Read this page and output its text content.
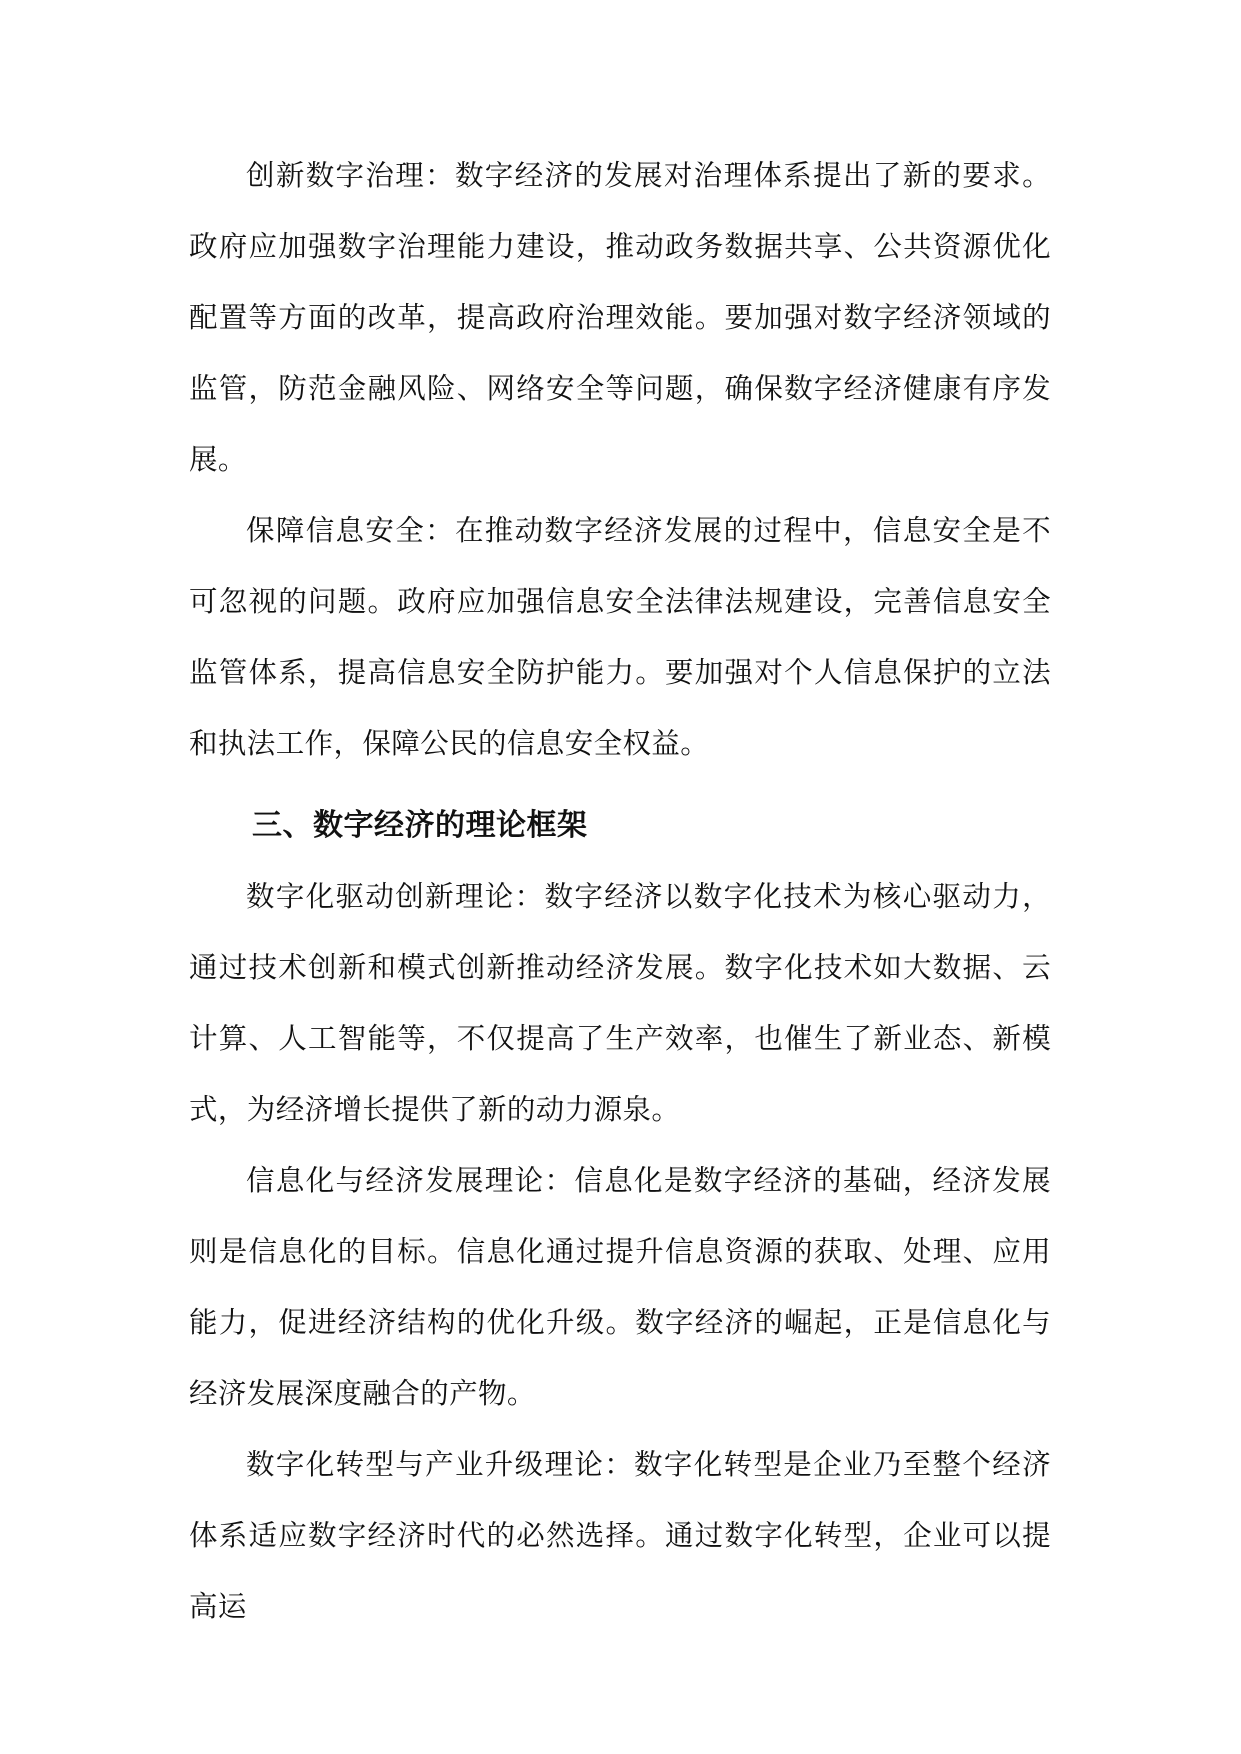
创新数字治理：数字经济的发展对治理体系提出了新的要求。政府应加强数字治理能力建设，推动政务数据共享、公共资源优化配置等方面的改革，提高政府治理效能。要加强对数字经济领域的监管，防范金融风险、网络安全等问题，确保数字经济健康有序发展。

保障信息安全：在推动数字经济发展的过程中，信息安全是不可忽视的问题。政府应加强信息安全法律法规建设，完善信息安全监管体系，提高信息安全防护能力。要加强对个人信息保护的立法和执法工作，保障公民的信息安全权益。

三、数字经济的理论框架

数字化驱动创新理论：数字经济以数字化技术为核心驱动力，通过技术创新和模式创新推动经济发展。数字化技术如大数据、云计算、人工智能等，不仅提高了生产效率，也催生了新业态、新模式，为经济增长提供了新的动力源泉。

信息化与经济发展理论：信息化是数字经济的基础，经济发展则是信息化的目标。信息化通过提升信息资源的获取、处理、应用能力，促进经济结构的优化升级。数字经济的崛起，正是信息化与经济发展深度融合的产物。

数字化转型与产业升级理论：数字化转型是企业乃至整个经济体系适应数字经济时代的必然选择。通过数字化转型，企业可以提高运
